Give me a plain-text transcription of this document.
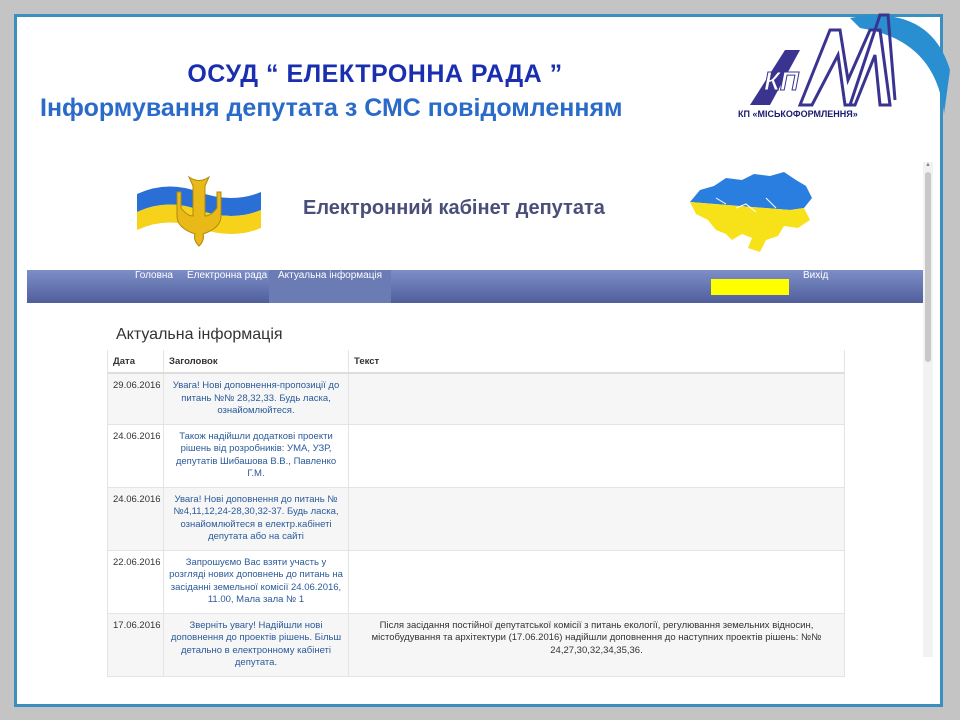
ОСУД “ ЕЛЕКТРОННА РАДА ”
Інформування депутата з СМС повідомленням
КП
КП «МІСЬКОФОРМЛЕННЯ»
▲
Електронний кабінет депутата
Головна	Електронна рада	Актуальна інформація	Вихід
Актуальна інформація
Дата	Заголовок	Текст
29.06.2016	Увага! Нові доповнення-пропозиції до питань №№ 28,32,33. Будь ласка, ознайомлюйтеся.	
24.06.2016	Також надійшли додаткові проекти рішень від розробників: УМА, УЗР, депутатів Шибашова В.В., Павленко Г.М.	
24.06.2016	Увага! Нові доповнення до питань № №4,11,12,24-28,30,32-37. Будь ласка, ознайомлюйтеся в електр.кабінеті депутата або на сайті	
22.06.2016	Запрошуємо Вас взяти участь у розгляді нових доповнень до питань на засіданні земельної комісії 24.06.2016, 11.00, Мала зала № 1	
17.06.2016	Зверніть увагу! Надійшли нові доповнення до проектів рішень. Більш детально в електронному кабінеті депутата.	Після засідання постійної депутатської комісії з питань екології, регулювання земельних відносин, містобудування та архітектури (17.06.2016) надійшли доповнення до наступних проектів рішень: №№ 24,27,30,32,34,35,36.
